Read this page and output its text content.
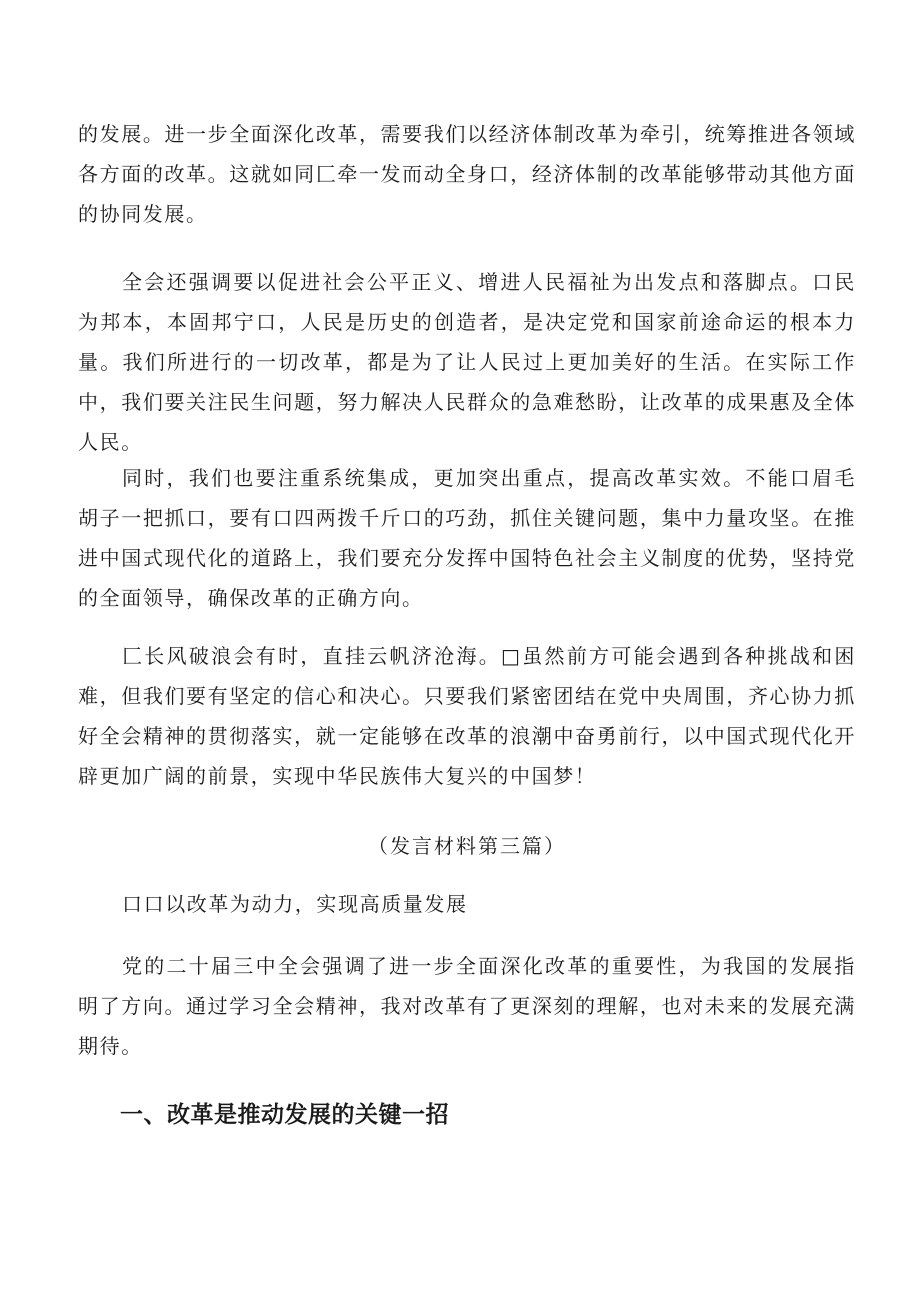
的发展。进一步全面深化改革，需要我们以经济体制改革为牵引，统筹推进各领域各方面的改革。这就如同匚牵一发而动全身口，经济体制的改革能够带动其他方面的协同发展。

全会还强调要以促进社会公平正义、增进人民福祉为出发点和落脚点。口民为邦本，本固邦宁口，人民是历史的创造者，是决定党和国家前途命运的根本力量。我们所进行的一切改革，都是为了让人民过上更加美好的生活。在实际工作中，我们要关注民生问题，努力解决人民群众的急难愁盼，让改革的成果惠及全体人民。

同时，我们也要注重系统集成，更加突出重点，提高改革实效。不能口眉毛胡子一把抓口，要有口四两拨千斤口的巧劲，抓住关键问题，集中力量攻坚。在推进中国式现代化的道路上，我们要充分发挥中国特色社会主义制度的优势，坚持党的全面领导，确保改革的正确方向。

匚长风破浪会有时，直挂云帆济沧海。□虽然前方可能会遇到各种挑战和困难，但我们要有坚定的信心和决心。只要我们紧密团结在党中央周围，齐心协力抓好全会精神的贯彻落实，就一定能够在改革的浪潮中奋勇前行，以中国式现代化开辟更加广阔的前景，实现中华民族伟大复兴的中国梦！

（发言材料第三篇）

口口以改革为动力，实现高质量发展

党的二十届三中全会强调了进一步全面深化改革的重要性，为我国的发展指明了方向。通过学习全会精神，我对改革有了更深刻的理解，也对未来的发展充满期待。

一、改革是推动发展的关键一招
